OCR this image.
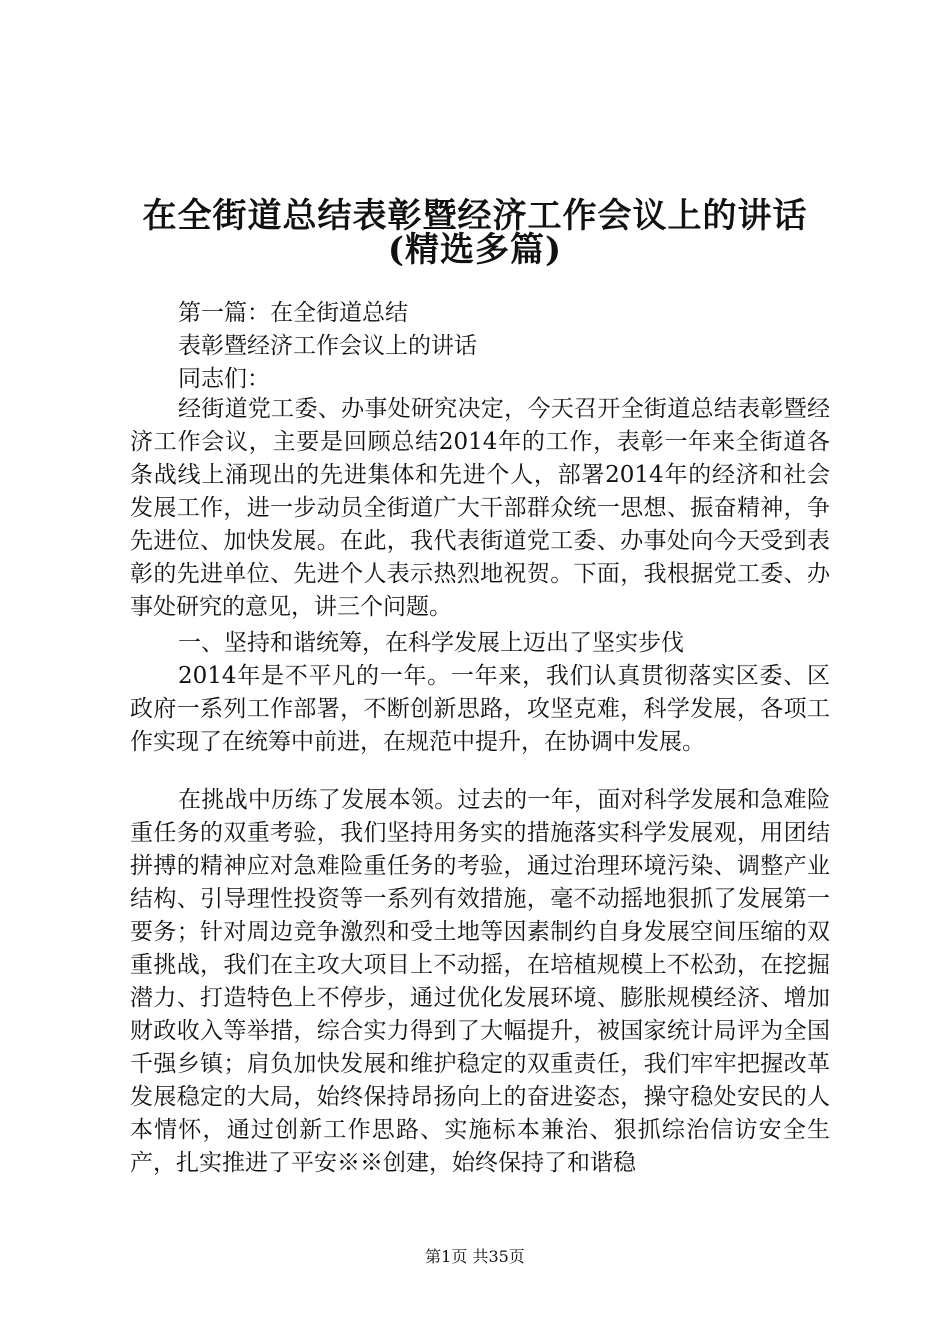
在全街道总结表彰暨经济工作会议上的讲话
(精选多篇)
第一篇：在全街道总结
表彰暨经济工作会议上的讲话
同志们：
经街道党工委、办事处研究决定，今天召开全街道总结表彰暨经济工作会议，主要是回顾总结2014年的工作，表彰一年来全街道各条战线上涌现出的先进集体和先进个人，部署2014年的经济和社会发展工作，进一步动员全街道广大干部群众统一思想、振奋精神，争先进位、加快发展。在此，我代表街道党工委、办事处向今天受到表彰的先进单位、先进个人表示热烈地祝贺。下面，我根据党工委、办事处研究的意见，讲三个问题。
一、坚持和谐统筹，在科学发展上迈出了坚实步伐
2014年是不平凡的一年。一年来，我们认真贯彻落实区委、区政府一系列工作部署，不断创新思路，攻坚克难，科学发展，各项工作实现了在统筹中前进，在规范中提升，在协调中发展。
在挑战中历练了发展本领。过去的一年，面对科学发展和急难险重任务的双重考验，我们坚持用务实的措施落实科学发展观，用团结拼搏的精神应对急难险重任务的考验，通过治理环境污染、调整产业结构、引导理性投资等一系列有效措施，毫不动摇地狠抓了发展第一要务；针对周边竞争激烈和受土地等因素制约自身发展空间压缩的双重挑战，我们在主攻大项目上不动摇，在培植规模上不松劲，在挖掘潜力、打造特色上不停步，通过优化发展环境、膨胀规模经济、增加财政收入等举措，综合实力得到了大幅提升，被国家统计局评为全国千强乡镇；肩负加快发展和维护稳定的双重责任，我们牢牢把握改革发展稳定的大局，始终保持昂扬向上的奋进姿态，操守稳处安民的人本情怀，通过创新工作思路、实施标本兼治、狠抓综治信访安全生产，扎实推进了平安※※创建，始终保持了和谐稳
第1页 共35页
